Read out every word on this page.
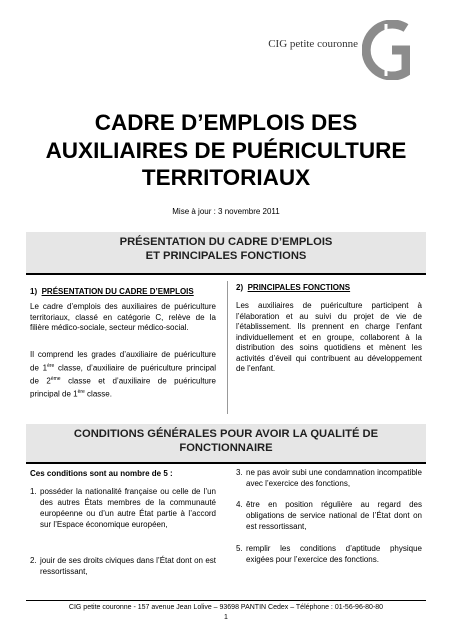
CIG petite couronne
CADRE D’EMPLOIS DES
AUXILIAIRES DE PUÉRICULTURE
TERRITORIAUX
Mise à jour : 3 novembre 2011
PRÉSENTATION DU CADRE D’EMPLOIS
ET PRINCIPALES FONCTIONS
1) PRÉSENTATION DU CADRE D’EMPLOIS	2) PRINCIPALES FONCTIONS
Le cadre d’emplois des auxiliaires de puériculture territoriaux, classé en catégorie C, relève de la filière médico-sociale, secteur médico-social.
Il comprend les grades d’auxiliaire de puériculture de 1ère classe, d’auxiliaire de puériculture principal de 2ème classe et d’auxiliaire de puériculture principal de 1ère classe.
Les auxiliaires de puériculture participent à l’élaboration et au suivi du projet de vie de l’établissement. Ils prennent en charge l’enfant individuellement et en groupe, collaborent à la distribution des soins quotidiens et mènent les activités d’éveil qui contribuent au développement de l’enfant.
CONDITIONS GÉNÉRALES POUR AVOIR LA QUALITÉ DE
FONCTIONNAIRE
Ces conditions sont au nombre de 5 :
1. posséder la nationalité française ou celle de l’un des autres États membres de la communauté européenne ou d’un autre État partie à l’accord sur l’Espace économique européen,
2. jouir de ses droits civiques dans l’État dont on est ressortissant,
3. ne pas avoir subi une condamnation incompatible avec l’exercice des fonctions,
4. être en position régulière au regard des obligations de service national de l’État dont on est ressortissant,
5. remplir les conditions d’aptitude physique exigées pour l’exercice des fonctions.
CIG petite couronne - 157 avenue Jean Lolive – 93698 PANTIN Cedex – Téléphone : 01-56-96-80-80
1
